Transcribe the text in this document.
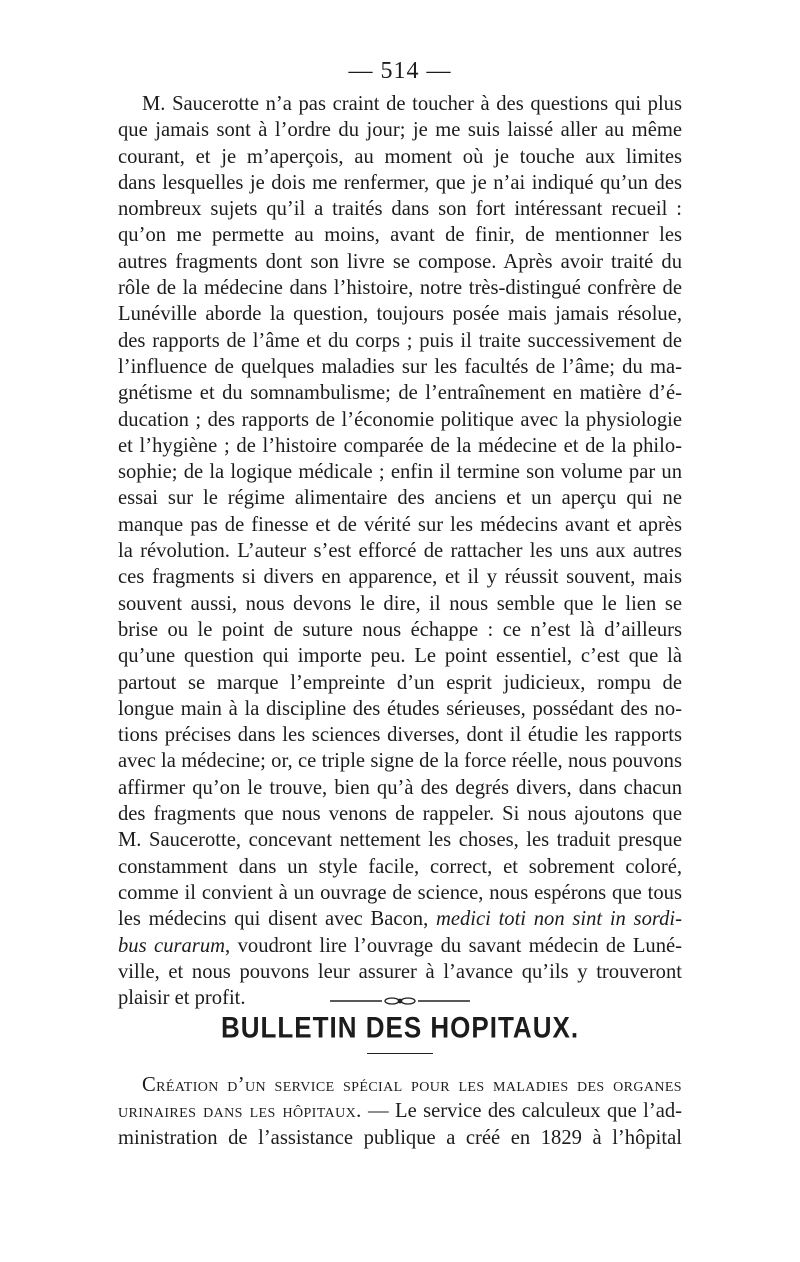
— 514 —
M. Saucerotte n’a pas craint de toucher à des questions qui plus
que jamais sont à l’ordre du jour; je me suis laissé aller au même
courant, et je m’aperçois, au moment où je touche aux limites
dans lesquelles je dois me renfermer, que je n’ai indiqué qu’un des
nombreux sujets qu’il a traités dans son fort intéressant recueil :
qu’on me permette au moins, avant de finir, de mentionner les
autres fragments dont son livre se compose. Après avoir traité du
rôle de la médecine dans l’histoire, notre très-distingué confrère de
Lunéville aborde la question, toujours posée mais jamais résolue,
des rapports de l’âme et du corps ; puis il traite successivement de
l’influence de quelques maladies sur les facultés de l’âme; du ma-
gnétisme et du somnambulisme; de l’entraînement en matière d’é-
ducation ; des rapports de l’économie politique avec la physiologie
et l’hygiène ; de l’histoire comparée de la médecine et de la philo-
sophie; de la logique médicale ; enfin il termine son volume par un
essai sur le régime alimentaire des anciens et un aperçu qui ne
manque pas de finesse et de vérité sur les médecins avant et après
la révolution. L’auteur s’est efforcé de rattacher les uns aux autres
ces fragments si divers en apparence, et il y réussit souvent, mais
souvent aussi, nous devons le dire, il nous semble que le lien se
brise ou le point de suture nous échappe : ce n’est là d’ailleurs
qu’une question qui importe peu. Le point essentiel, c’est que là
partout se marque l’empreinte d’un esprit judicieux, rompu de
longue main à la discipline des études sérieuses, possédant des no-
tions précises dans les sciences diverses, dont il étudie les rapports
avec la médecine; or, ce triple signe de la force réelle, nous pouvons
affirmer qu’on le trouve, bien qu’à des degrés divers, dans chacun
des fragments que nous venons de rappeler. Si nous ajoutons que
M. Saucerotte, concevant nettement les choses, les traduit presque
constamment dans un style facile, correct, et sobrement coloré,
comme il convient à un ouvrage de science, nous espérons que tous
les médecins qui disent avec Bacon, medici toti non sint in sordi-
bus curarum, voudront lire l’ouvrage du savant médecin de Luné-
ville, et nous pouvons leur assurer à l’avance qu’ils y trouveront
plaisir et profit.
BULLETIN DES HOPITAUX.
Création d’un service spécial pour les maladies des organes
urinaires dans les hôpitaux. — Le service des calculeux que l’ad-
ministration de l’assistance publique a créé en 1829 à l’hôpital
